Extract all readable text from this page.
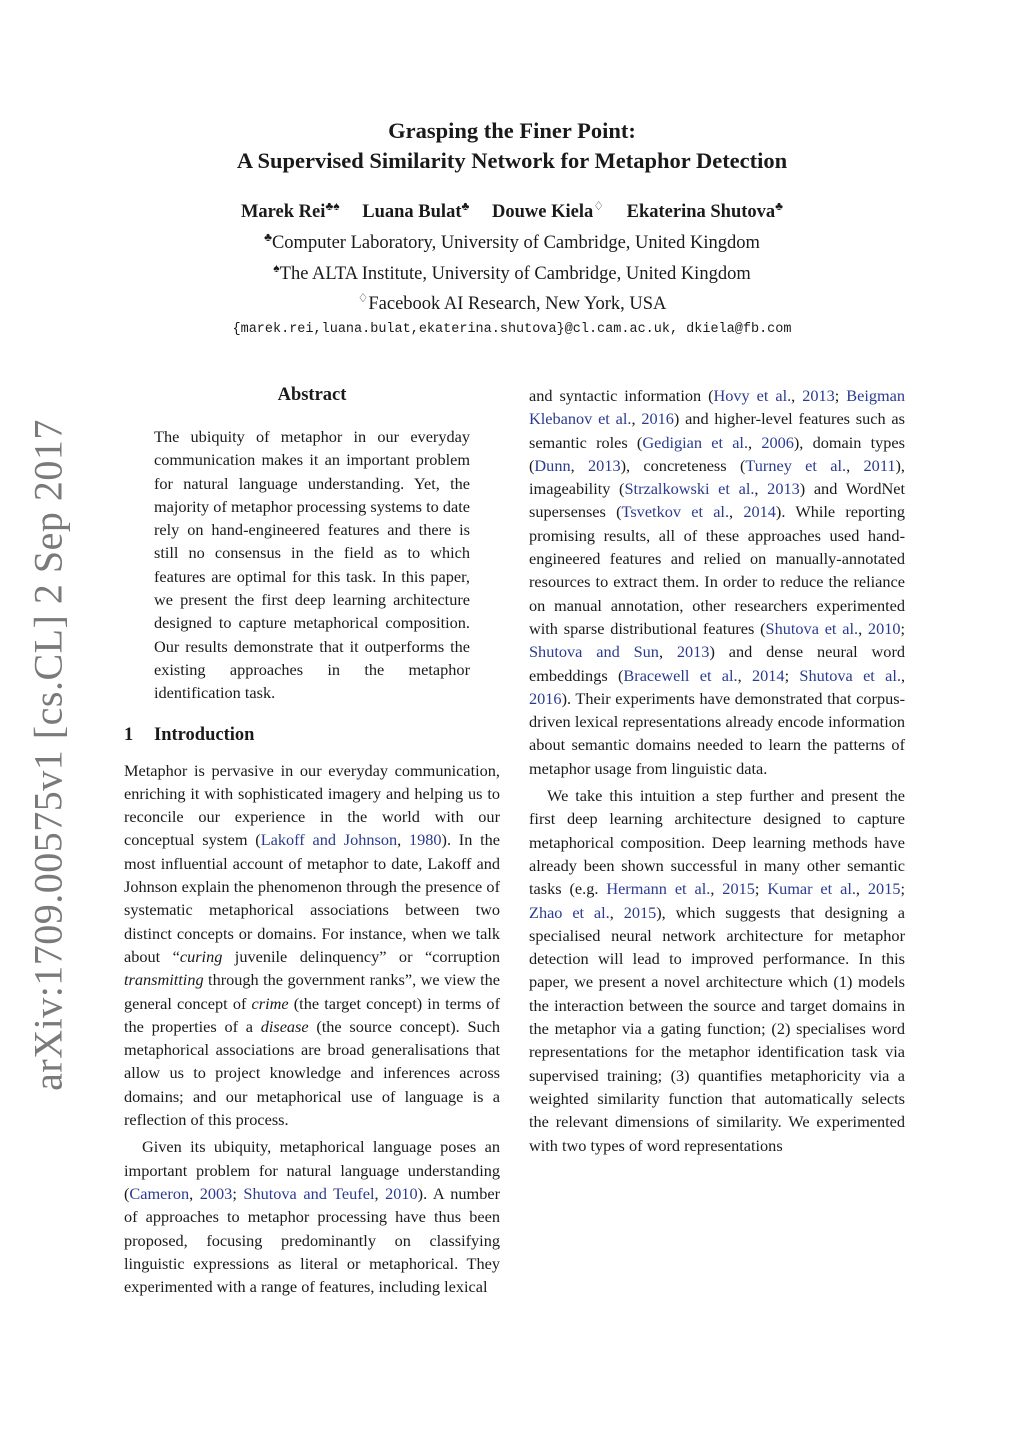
arXiv:1709.00575v1 [cs.CL] 2 Sep 2017
Grasping the Finer Point:
A Supervised Similarity Network for Metaphor Detection
Marek Rei♣♠ Luana Bulat♣ Douwe Kiela♢ Ekaterina Shutova♣
♣Computer Laboratory, University of Cambridge, United Kingdom
♠The ALTA Institute, University of Cambridge, United Kingdom
♢Facebook AI Research, New York, USA
{marek.rei,luana.bulat,ekaterina.shutova}@cl.cam.ac.uk, dkiela@fb.com
Abstract
The ubiquity of metaphor in our everyday communication makes it an important problem for natural language understanding. Yet, the majority of metaphor processing systems to date rely on hand-engineered features and there is still no consensus in the field as to which features are optimal for this task. In this paper, we present the first deep learning architecture designed to capture metaphorical composition. Our results demonstrate that it outperforms the existing approaches in the metaphor identification task.
1 Introduction

Metaphor is pervasive in our everyday communication, enriching it with sophisticated imagery and helping us to reconcile our experience in the world with our conceptual system (Lakoff and Johnson, 1980). In the most influential account of metaphor to date, Lakoff and Johnson explain the phenomenon through the presence of systematic metaphorical associations between two distinct concepts or domains. For instance, when we talk about “curing juvenile delinquency” or “corruption transmitting through the government ranks”, we view the general concept of crime (the target concept) in terms of the properties of a disease (the source concept). Such metaphorical associations are broad generalisations that allow us to project knowledge and inferences across domains; and our metaphorical use of language is a reflection of this process.

Given its ubiquity, metaphorical language poses an important problem for natural language understanding (Cameron, 2003; Shutova and Teufel, 2010). A number of approaches to metaphor processing have thus been proposed, focusing predominantly on classifying linguistic expressions as literal or metaphorical. They experimented with a range of features, including lexical

and syntactic information (Hovy et al., 2013; Beigman Klebanov et al., 2016) and higher-level features such as semantic roles (Gedigian et al., 2006), domain types (Dunn, 2013), concreteness (Turney et al., 2011), imageability (Strzalkowski et al., 2013) and WordNet supersenses (Tsvetkov et al., 2014). While reporting promising results, all of these approaches used hand-engineered features and relied on manually-annotated resources to extract them. In order to reduce the reliance on manual annotation, other researchers experimented with sparse distributional features (Shutova et al., 2010; Shutova and Sun, 2013) and dense neural word embeddings (Bracewell et al., 2014; Shutova et al., 2016). Their experiments have demonstrated that corpus-driven lexical representations already encode information about semantic domains needed to learn the patterns of metaphor usage from linguistic data.

We take this intuition a step further and present the first deep learning architecture designed to capture metaphorical composition. Deep learning methods have already been shown successful in many other semantic tasks (e.g. Hermann et al., 2015; Kumar et al., 2015; Zhao et al., 2015), which suggests that designing a specialised neural network architecture for metaphor detection will lead to improved performance. In this paper, we present a novel architecture which (1) models the interaction between the source and target domains in the metaphor via a gating function; (2) specialises word representations for the metaphor identification task via supervised training; (3) quantifies metaphoricity via a weighted similarity function that automatically selects the relevant dimensions of similarity. We experimented with two types of word representations
